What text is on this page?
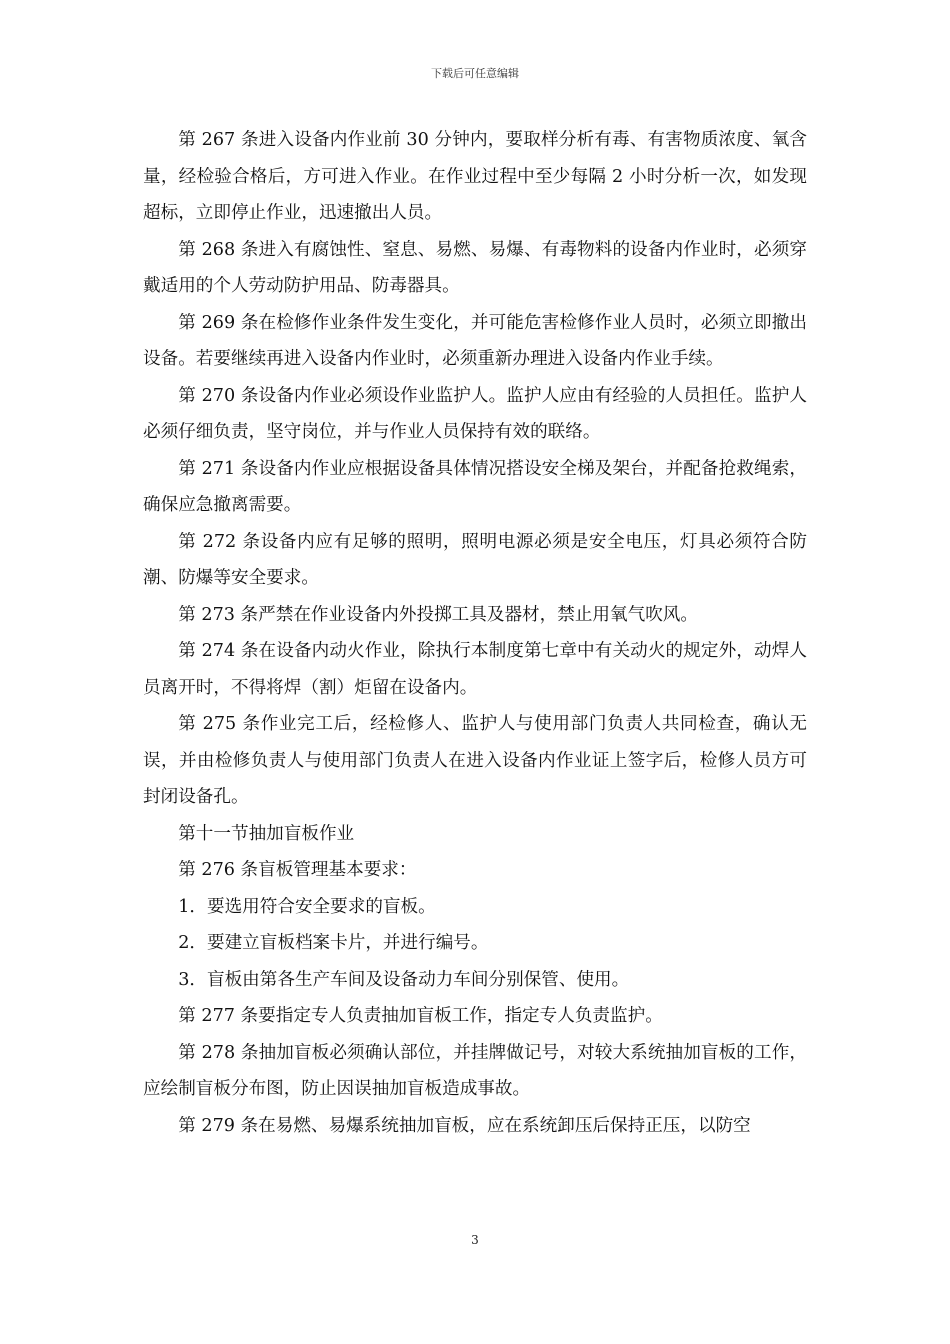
下载后可任意编辑

第 267 条进入设备内作业前 30 分钟内，要取样分析有毒、有害物质浓度、氧含量，经检验合格后，方可进入作业。在作业过程中至少每隔 2 小时分析一次，如发现超标，立即停止作业，迅速撤出人员。

第 268 条进入有腐蚀性、窒息、易燃、易爆、有毒物料的设备内作业时，必须穿戴适用的个人劳动防护用品、防毒器具。

第 269 条在检修作业条件发生变化，并可能危害检修作业人员时，必须立即撤出设备。若要继续再进入设备内作业时，必须重新办理进入设备内作业手续。

第 270 条设备内作业必须设作业监护人。监护人应由有经验的人员担任。监护人必须仔细负责，坚守岗位，并与作业人员保持有效的联络。

第 271 条设备内作业应根据设备具体情况搭设安全梯及架台，并配备抢救绳索，确保应急撤离需要。

第 272 条设备内应有足够的照明，照明电源必须是安全电压，灯具必须符合防潮、防爆等安全要求。

第 273 条严禁在作业设备内外投掷工具及器材，禁止用氧气吹风。

第 274 条在设备内动火作业，除执行本制度第七章中有关动火的规定外，动焊人员离开时，不得将焊（割）炬留在设备内。

第 275 条作业完工后，经检修人、监护人与使用部门负责人共同检查，确认无误，并由检修负责人与使用部门负责人在进入设备内作业证上签字后，检修人员方可封闭设备孔。

第十一节抽加盲板作业

第 276 条盲板管理基本要求：

1．要选用符合安全要求的盲板。

2．要建立盲板档案卡片，并进行编号。

3．盲板由第各生产车间及设备动力车间分别保管、使用。

第 277 条要指定专人负责抽加盲板工作，指定专人负责监护。

第 278 条抽加盲板必须确认部位，并挂牌做记号，对较大系统抽加盲板的工作，应绘制盲板分布图，防止因误抽加盲板造成事故。

第 279 条在易燃、易爆系统抽加盲板，应在系统卸压后保持正压，以防空

3
